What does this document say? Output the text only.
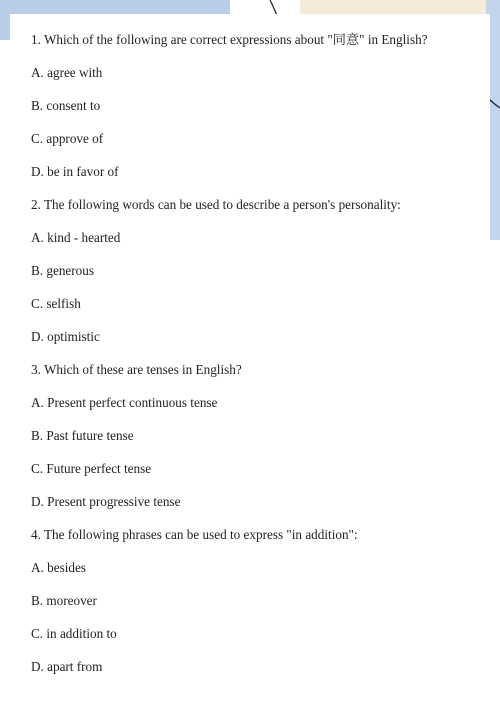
1. Which of the following are correct expressions about "同意" in English?
A. agree with
B. consent to
C. approve of
D. be in favor of
2. The following words can be used to describe a person's personality:
A. kind - hearted
B. generous
C. selfish
D. optimistic
3. Which of these are tenses in English?
A. Present perfect continuous tense
B. Past future tense
C. Future perfect tense
D. Present progressive tense
4. The following phrases can be used to express "in addition":
A. besides
B. moreover
C. in addition to
D. apart from
